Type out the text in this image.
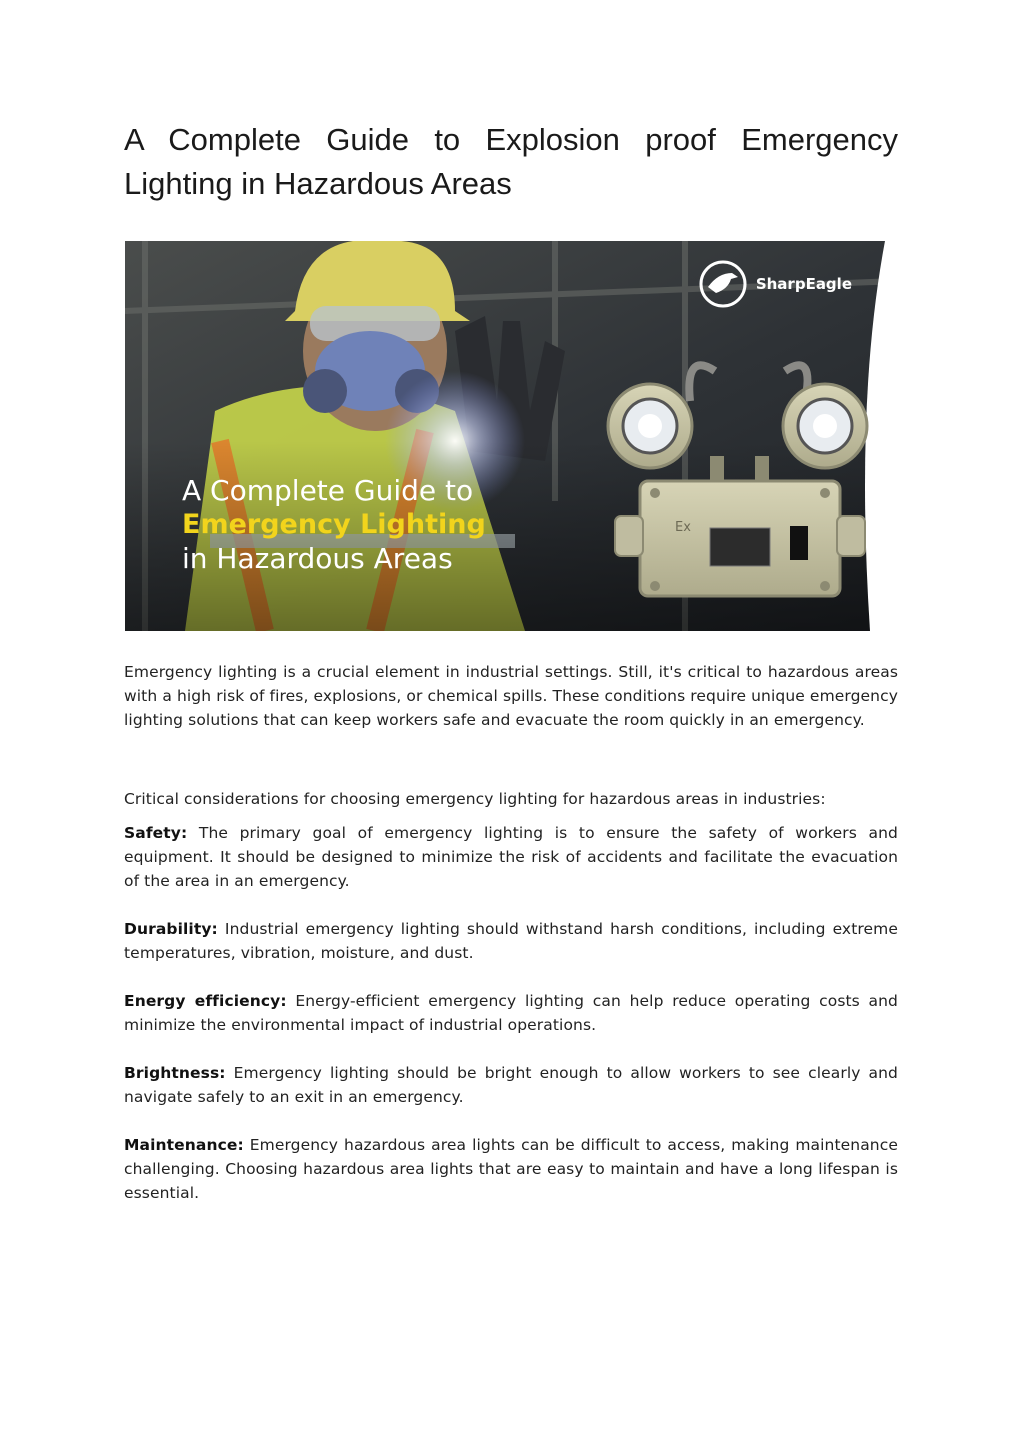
A Complete Guide to Explosion proof Emergency Lighting in Hazardous Areas
Ex
SharpEagle
A Complete Guide to
Emergency Lighting
in Hazardous Areas

Emergency lighting is a crucial element in industrial settings. Still, it's critical to hazardous areas with a high risk of fires, explosions, or chemical spills. These conditions require unique emergency lighting solutions that can keep workers safe and evacuate the room quickly in an emergency.

Critical considerations for choosing emergency lighting for hazardous areas in industries:

Safety: The primary goal of emergency lighting is to ensure the safety of workers and equipment. It should be designed to minimize the risk of accidents and facilitate the evacuation of the area in an emergency.

Durability: Industrial emergency lighting should withstand harsh conditions, including extreme temperatures, vibration, moisture, and dust.

Energy efficiency: Energy-efficient emergency lighting can help reduce operating costs and minimize the environmental impact of industrial operations.

Brightness: Emergency lighting should be bright enough to allow workers to see clearly and navigate safely to an exit in an emergency.

Maintenance: Emergency hazardous area lights can be difficult to access, making maintenance challenging. Choosing hazardous area lights that are easy to maintain and have a long lifespan is essential.
